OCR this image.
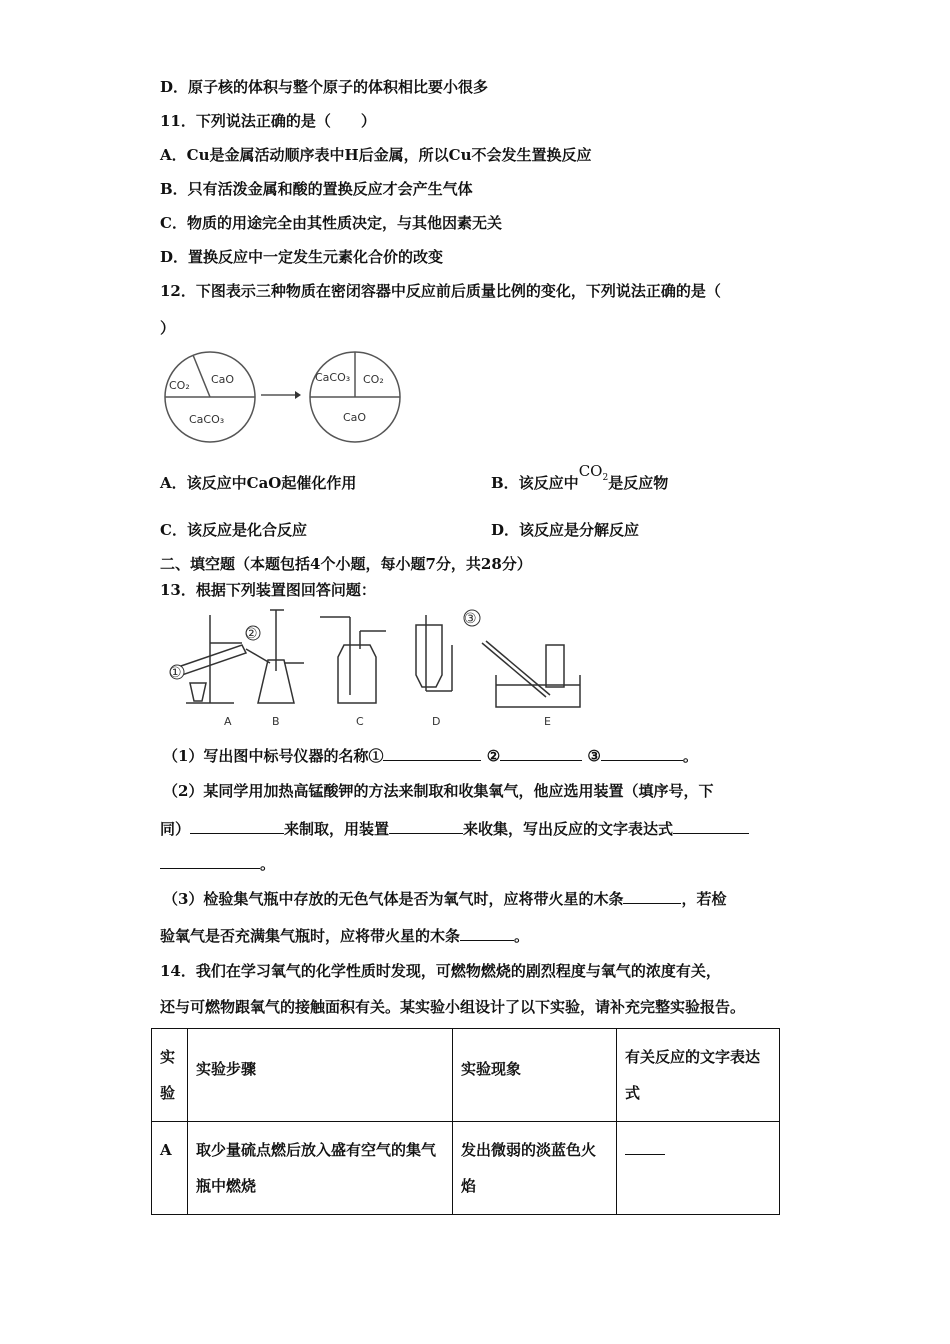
D．原子核的体积与整个原子的体积相比要小很多
11．下列说法正确的是（　　）
A．Cu是金属活动顺序表中H后金属，所以Cu不会发生置换反应
B．只有活泼金属和酸的置换反应才会产生气体
C．物质的用途完全由其性质决定，与其他因素无关
D．置换反应中一定发生元素化合价的改变
12．下图表示三种物质在密闭容器中反应前后质量比例的变化，下列说法正确的是（
）
CO₂ CaO
CaCO₃
CaCO₃ CO₂
CaO
A．该反应中CaO起催化作用	B．该反应中$CO_2$是反应物
C．该反应是化合反应	D．该反应是分解反应
二、填空题（本题包括4个小题，每小题7分，共28分）
13．根据下列装置图回答问题：
①
②
③
A	B	C	D	E
（1）写出图中标号仪器的名称①	②	③	。
（2）某同学用加热高锰酸钾的方法来制取和收集氧气，他应选用装置（填序号，下
同）	来制取，用装置	来收集，写出反应的文字表达式
。
（3）检验集气瓶中存放的无色气体是否为氧气时，应将带火星的木条	，若检
验氧气是否充满集气瓶时，应将带火星的木条	。
14．我们在学习氧气的化学性质时发现，可燃物燃烧的剧烈程度与氧气的浓度有关，
还与可燃物跟氧气的接触面积有关。某实验小组设计了以下实验，请补充完整实验报告。
实验	实验步骤	实验现象	有关反应的文字表达式
A	取少量硫点燃后放入盛有空气的集气瓶中燃烧	发出微弱的淡蓝色火焰	
